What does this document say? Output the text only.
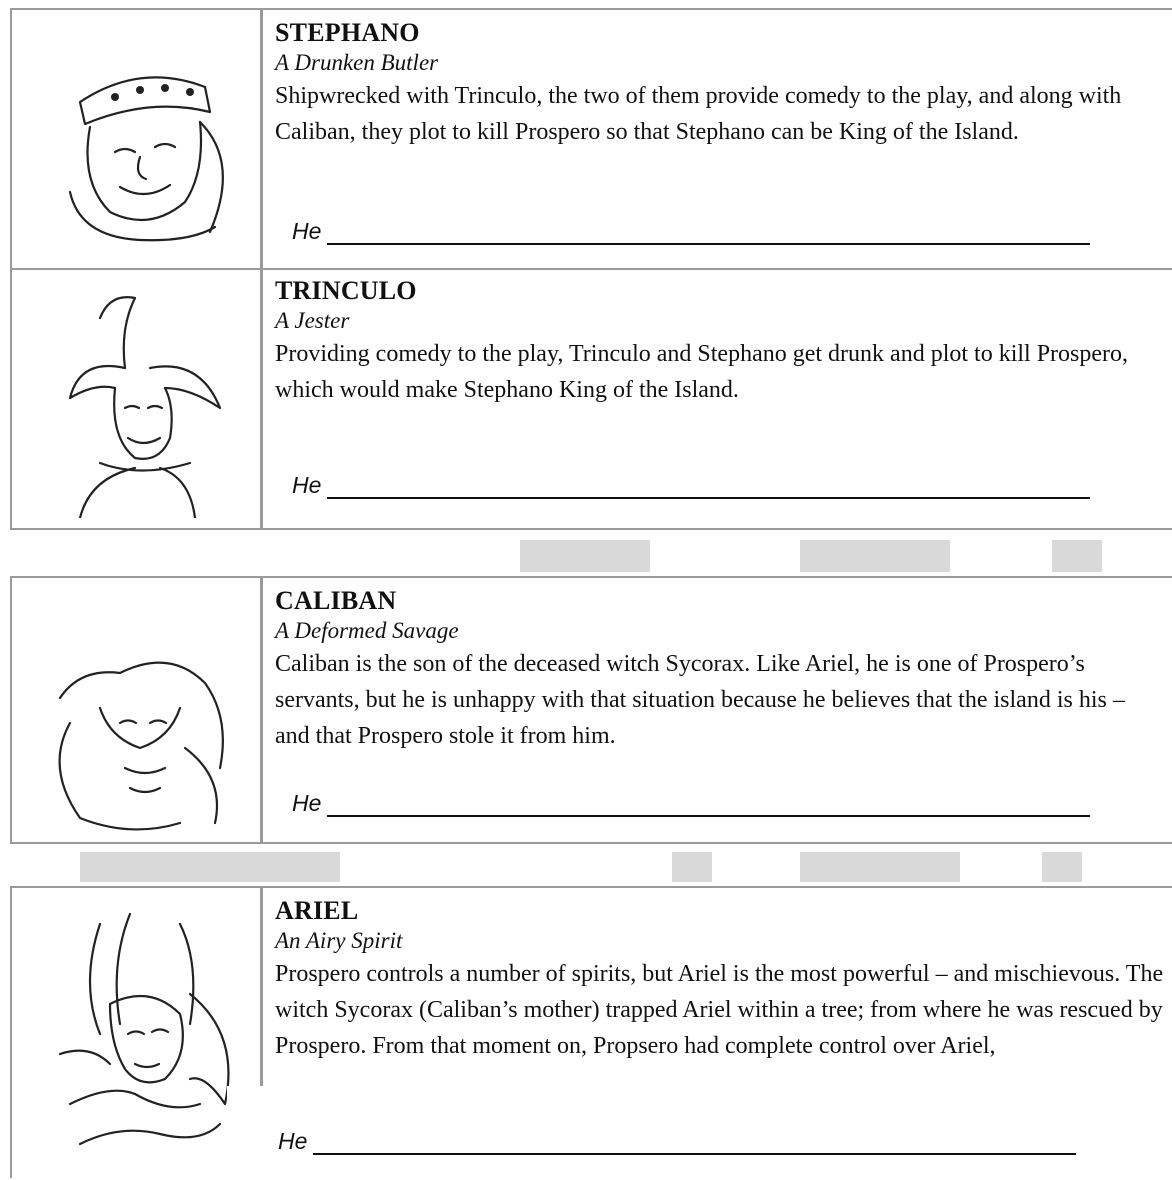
STEPHANO

A Drunken Butler

Shipwrecked with Trinculo, the two of them provide comedy to the play, and along with Caliban, they plot to kill Prospero so that Stephano can be King of the Island.

He

TRINCULO

A Jester

Providing comedy to the play, Trinculo and Stephano get drunk and plot to kill Prospero, which would make Stephano King of the Island.

He

CALIBAN

A Deformed Savage

Caliban is the son of the deceased witch Sycorax. Like Ariel, he is one of Prospero’s servants, but he is unhappy with that situation because he believes that the island is his – and that Prospero stole it from him.

He

ARIEL

An Airy Spirit

Prospero controls a number of spirits, but Ariel is the most powerful – and mischievous. The witch Sycorax (Caliban’s mother) trapped Ariel within a tree; from where he was rescued by Prospero. From that moment on, Propsero had complete control over Ariel,

He
